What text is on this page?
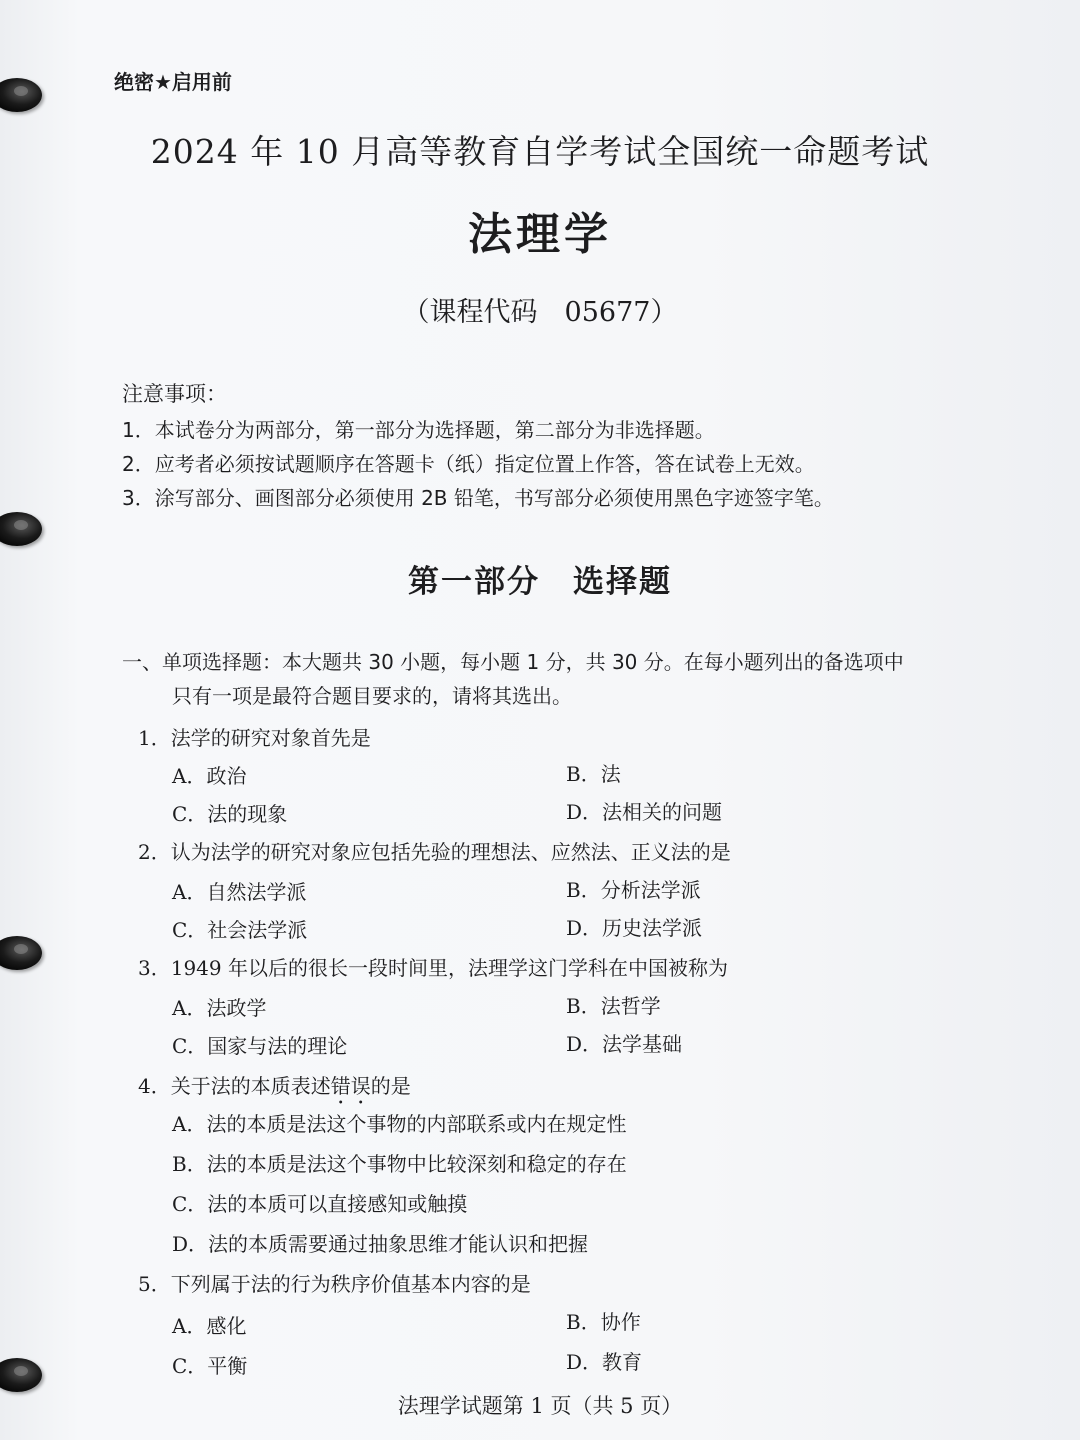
绝密★启用前
2024 年 10 月高等教育自学考试全国统一命题考试
法理学
（课程代码　05677）
注意事项：
1．本试卷分为两部分，第一部分为选择题，第二部分为非选择题。
2．应考者必须按试题顺序在答题卡（纸）指定位置上作答，答在试卷上无效。
3．涂写部分、画图部分必须使用 2B 铅笔，书写部分必须使用黑色字迹签字笔。
第一部分　选择题
一、单项选择题：本大题共 30 小题，每小题 1 分，共 30 分。在每小题列出的备选项中
只有一项是最符合题目要求的，请将其选出。
1．法学的研究对象首先是
A．政治	B．法
C．法的现象	D．法相关的问题
2．认为法学的研究对象应包括先验的理想法、应然法、正义法的是
A．自然法学派	B．分析法学派
C．社会法学派	D．历史法学派
3．1949 年以后的很长一段时间里，法理学这门学科在中国被称为
A．法政学	B．法哲学
C．国家与法的理论	D．法学基础
4．关于法的本质表述错误的是
A．法的本质是法这个事物的内部联系或内在规定性
B．法的本质是法这个事物中比较深刻和稳定的存在
C．法的本质可以直接感知或触摸
D．法的本质需要通过抽象思维才能认识和把握
5．下列属于法的行为秩序价值基本内容的是
A．感化	B．协作
C．平衡	D．教育
法理学试题第 1 页（共 5 页）
